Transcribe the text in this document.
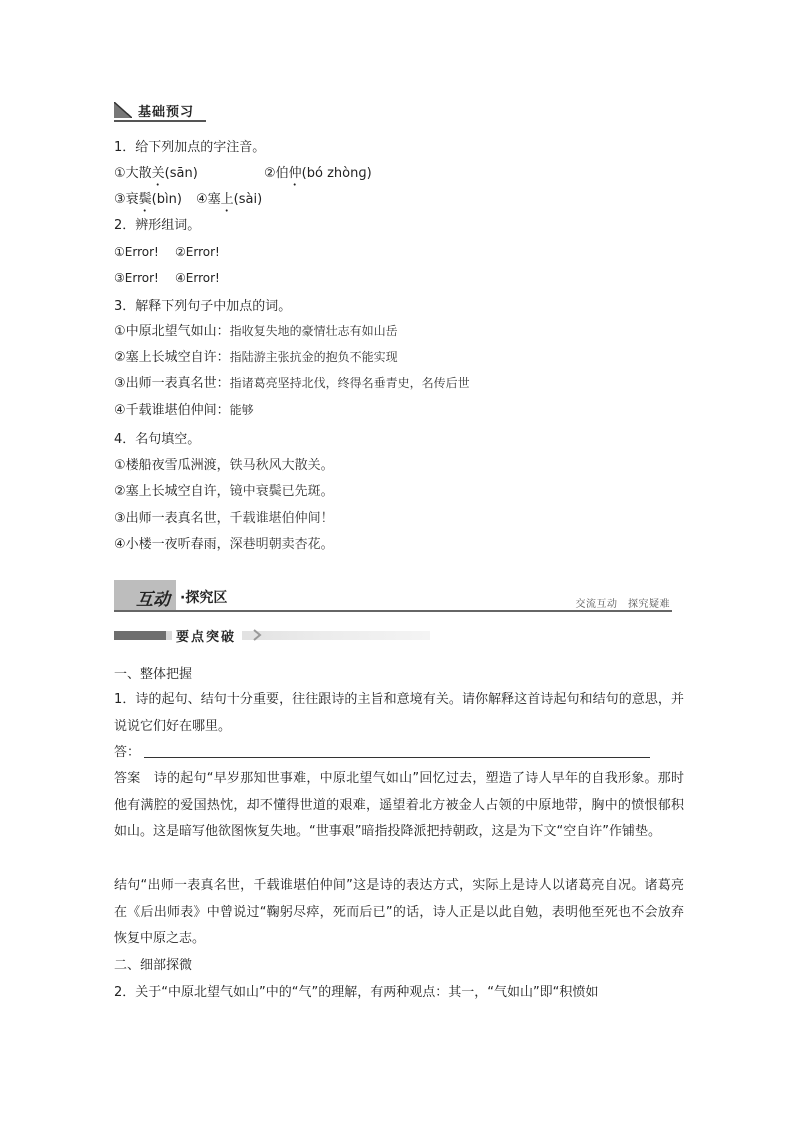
基础预习
1．给下列加点的字注音。
①大散关(sān)	②伯仲(bó zhònɡ)
③衰鬓(bìn) ④塞上(sài)
2．辨形组词。
①Error! ②Error!
③Error! ④Error!
3．解释下列句子中加点的词。
①中原北望气如山：指收复失地的豪情壮志有如山岳
②塞上长城空自许：指陆游主张抗金的抱负不能实现
③出师一表真名世：指诸葛亮坚持北伐，终得名垂青史，名传后世
④千载谁堪伯仲间：能够
4．名句填空。
①楼船夜雪瓜洲渡，铁马秋风大散关。
②塞上长城空自许，镜中衰鬓已先斑。
③出师一表真名世，千载谁堪伯仲间！
④小楼一夜听春雨，深巷明朝卖杏花。
互动 ·探究区	交流互动　探究疑难
要点突破
一、整体把握
1．诗的起句、结句十分重要，往往跟诗的主旨和意境有关。请你解释这首诗起句和结句的意思，并说说它们好在哪里。
答：
答案　 诗的起句“早岁那知世事难，中原北望气如山”回忆过去，塑造了诗人早年的自我形象。那时他有满腔的爱国热忱，却不懂得世道的艰难，遥望着北方被金人占领的中原地带，胸中的愤恨郁积如山。这是暗写他欲图恢复失地。“世事艰”暗指投降派把持朝政，这是为下文“空自许”作铺垫。
结句“出师一表真名世，千载谁堪伯仲间”这是诗的表达方式，实际上是诗人以诸葛亮自况。诸葛亮在《后出师表》中曾说过“鞠躬尽瘁，死而后已”的话，诗人正是以此自勉，表明他至死也不会放弃恢复中原之志。
二、细部探微
2．关于“中原北望气如山”中的“气”的理解，有两种观点：其一，“气如山”即“积愤如
